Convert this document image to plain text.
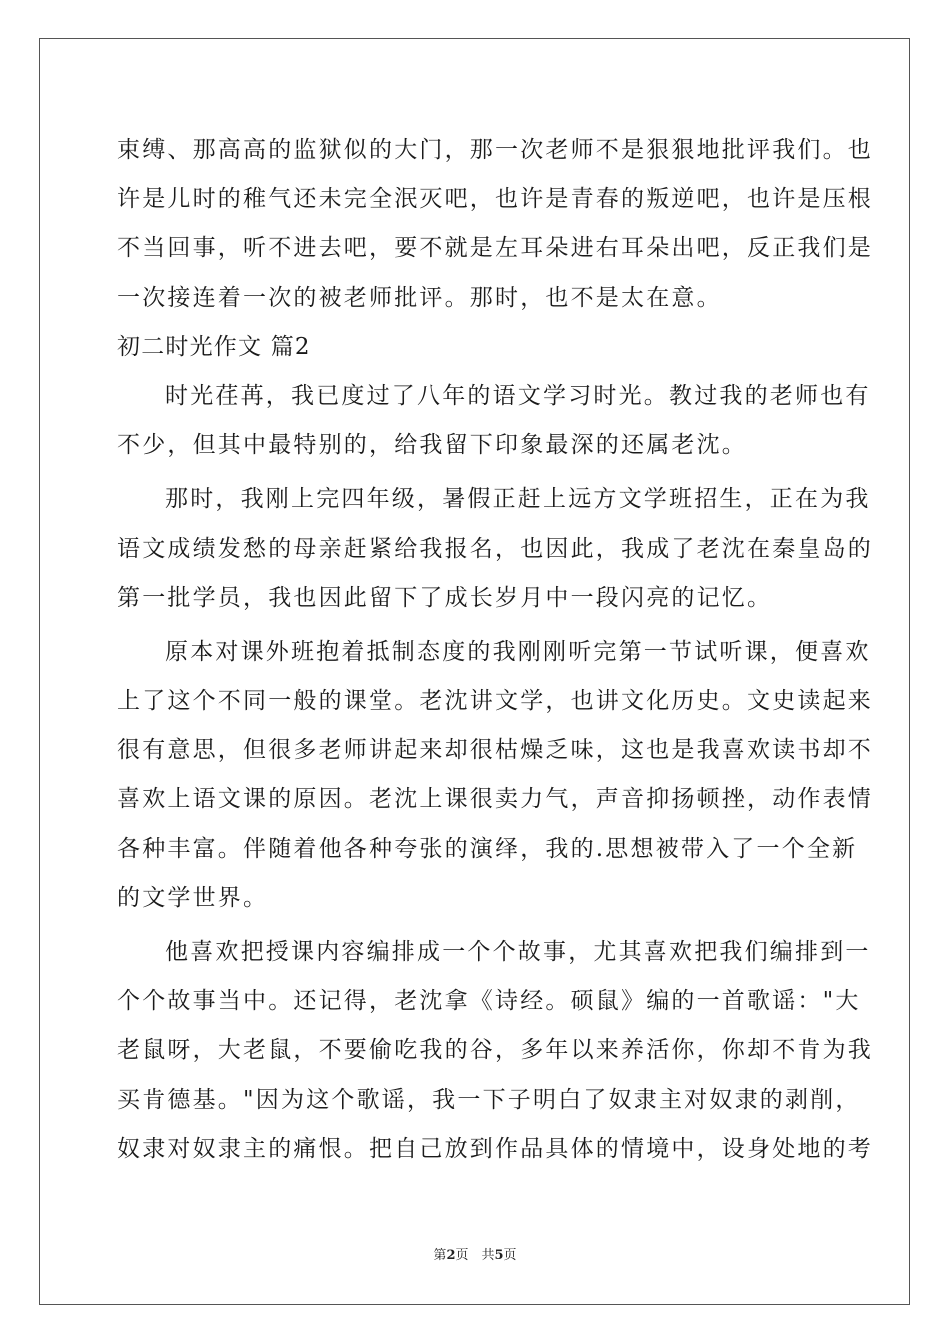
束缚、那高高的监狱似的大门，那一次老师不是狠狠地批评我们。也
许是儿时的稚气还未完全泯灭吧，也许是青春的叛逆吧，也许是压根
不当回事，听不进去吧，要不就是左耳朵进右耳朵出吧，反正我们是
一次接连着一次的被老师批评。那时，也不是太在意。
初二时光作文 篇2
时光荏苒，我已度过了八年的语文学习时光。教过我的老师也有
不少，但其中最特别的，给我留下印象最深的还属老沈。
那时，我刚上完四年级，暑假正赶上远方文学班招生，正在为我
语文成绩发愁的母亲赶紧给我报名，也因此，我成了老沈在秦皇岛的
第一批学员，我也因此留下了成长岁月中一段闪亮的记忆。
原本对课外班抱着抵制态度的我刚刚听完第一节试听课，便喜欢
上了这个不同一般的课堂。老沈讲文学，也讲文化历史。文史读起来
很有意思，但很多老师讲起来却很枯燥乏味，这也是我喜欢读书却不
喜欢上语文课的原因。老沈上课很卖力气，声音抑扬顿挫，动作表情
各种丰富。伴随着他各种夸张的演绎，我的.思想被带入了一个全新
的文学世界。
他喜欢把授课内容编排成一个个故事，尤其喜欢把我们编排到一
个个故事当中。还记得，老沈拿《诗经。硕鼠》编的一首歌谣："大
老鼠呀，大老鼠，不要偷吃我的谷，多年以来养活你，你却不肯为我
买肯德基。"因为这个歌谣，我一下子明白了奴隶主对奴隶的剥削，
奴隶对奴隶主的痛恨。把自己放到作品具体的情境中，设身处地的考
第2页　共5页
